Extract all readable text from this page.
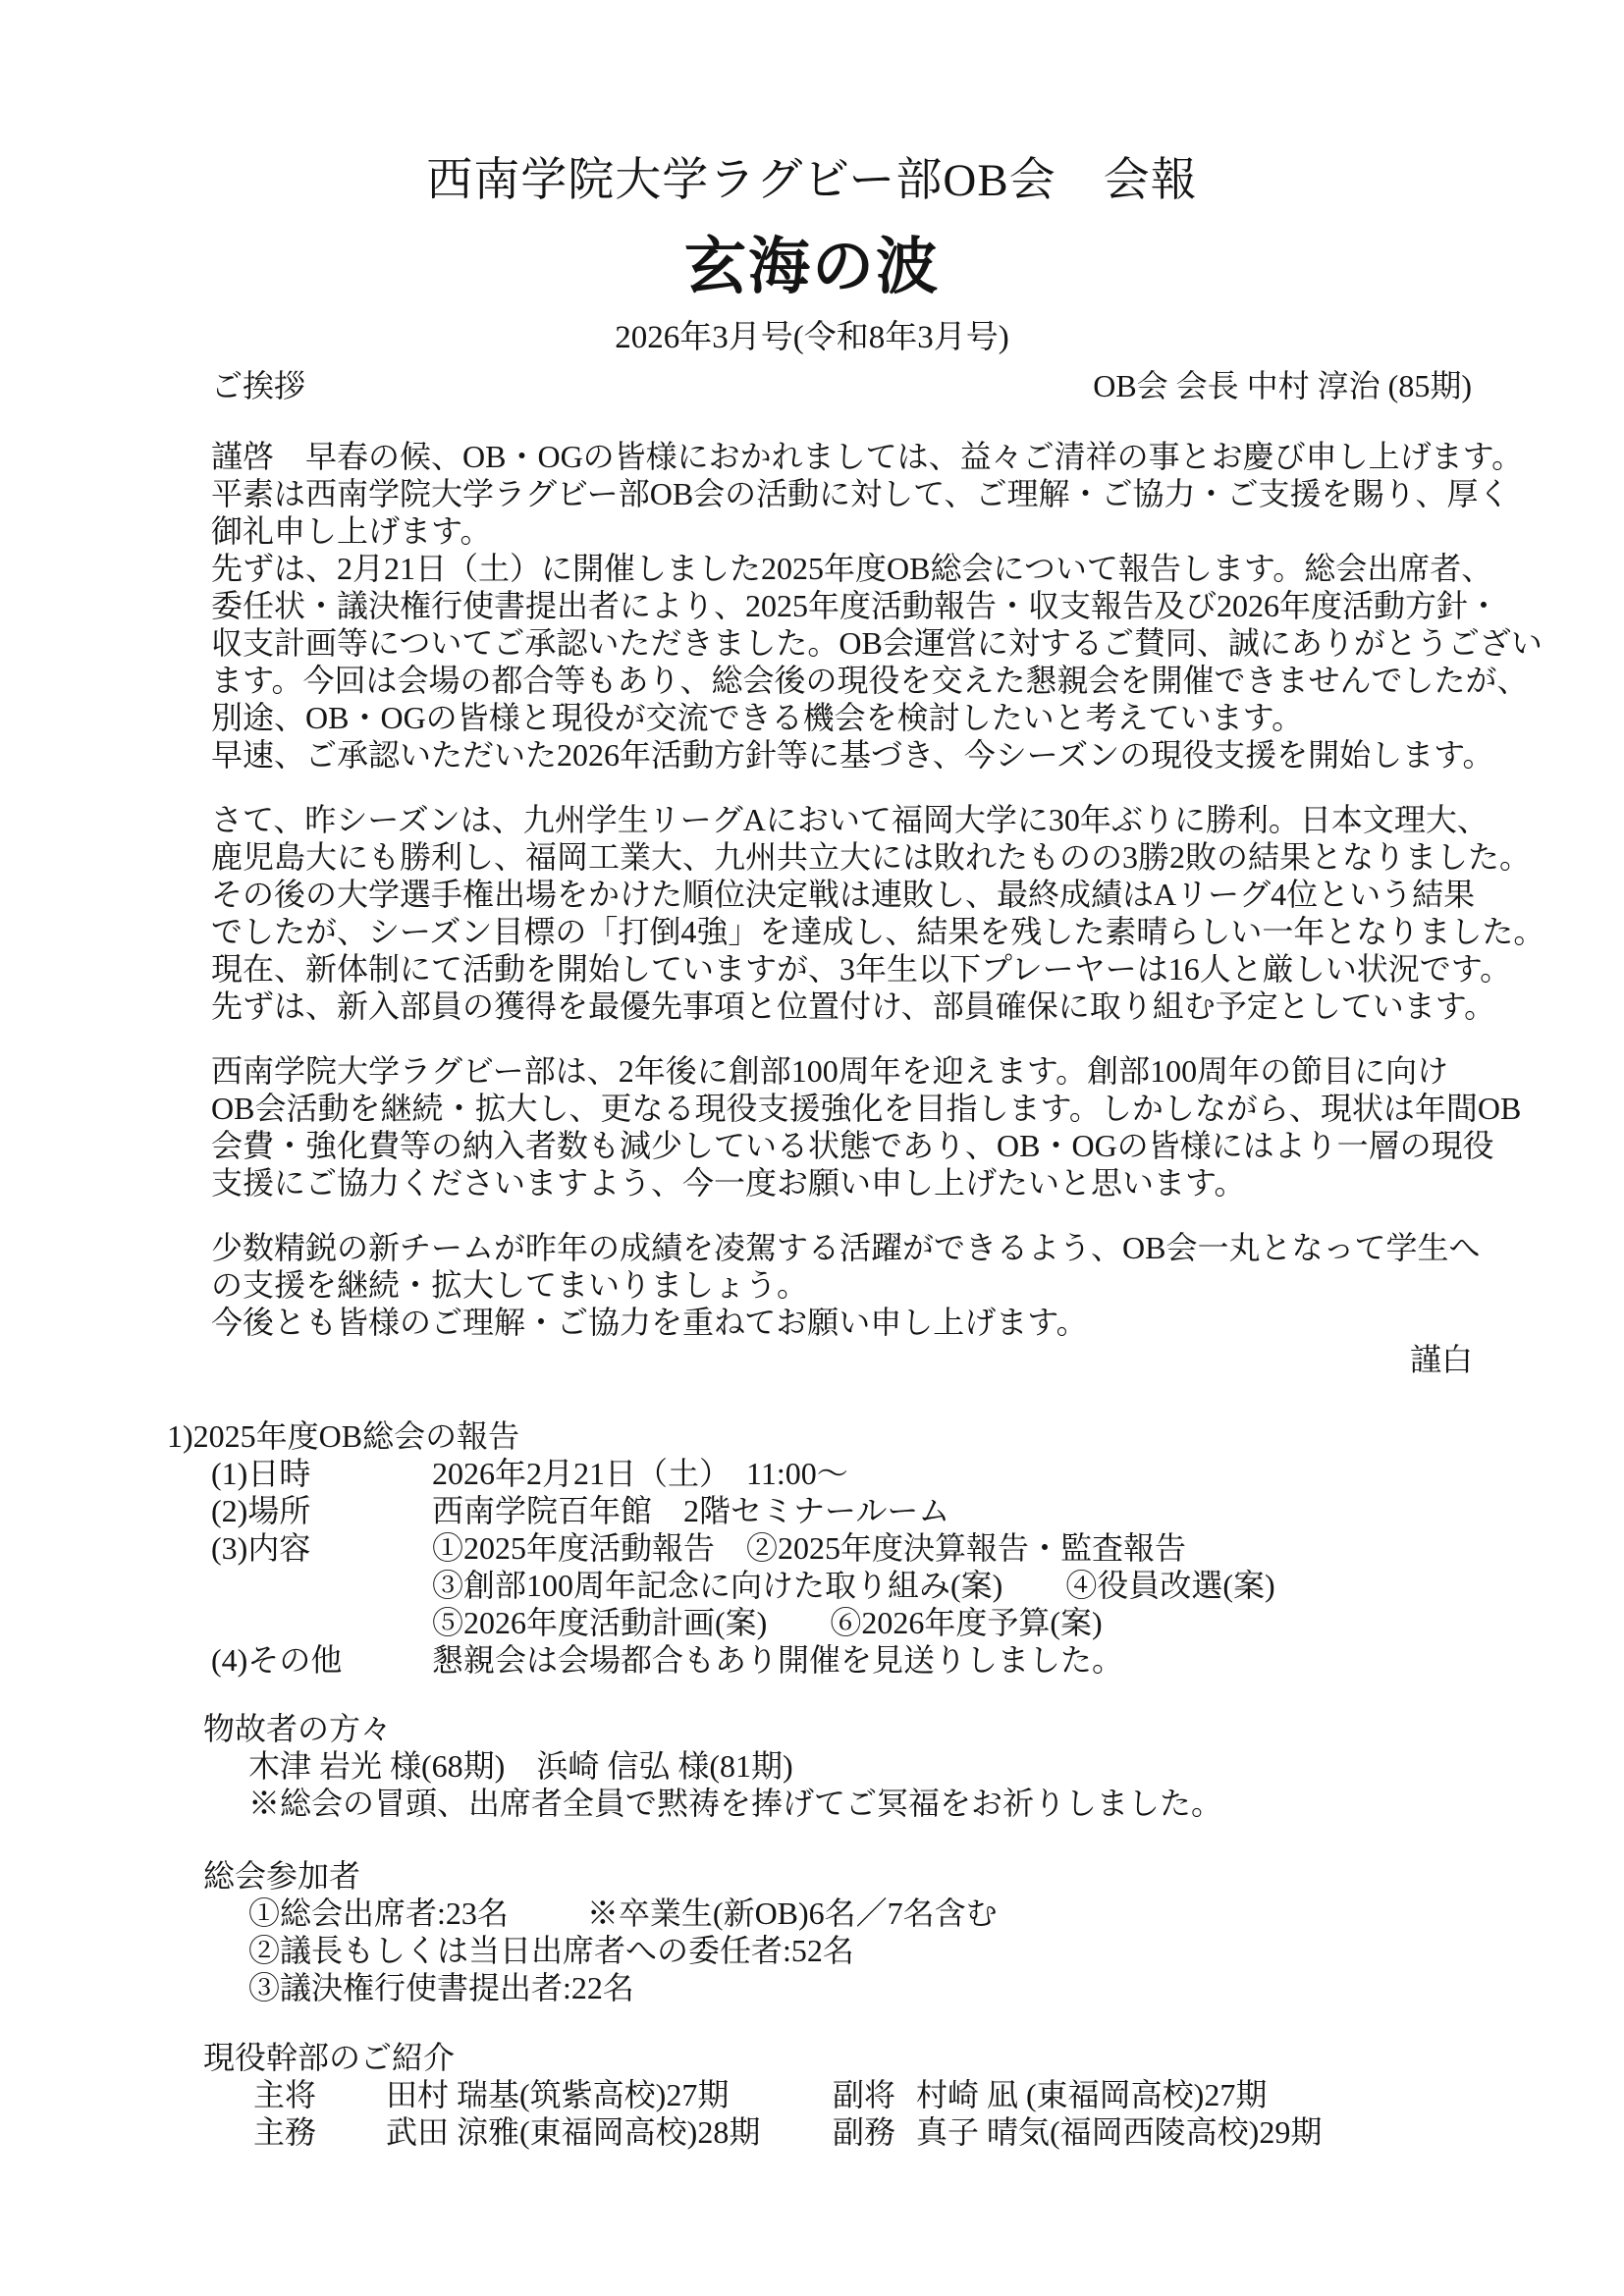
西南学院大学ラグビー部OB会　会報
玄海の波
2026年3月号(令和8年3月号)
ご挨拶	OB会 会長 中村 淳治 (85期)
謹啓　早春の候、OB・OGの皆様におかれましては、益々ご清祥の事とお慶び申し上げます。
平素は西南学院大学ラグビー部OB会の活動に対して、ご理解・ご協力・ご支援を賜り、厚く
御礼申し上げます。
先ずは、2月21日（土）に開催しました2025年度OB総会について報告します。総会出席者、
委任状・議決権行使書提出者により、2025年度活動報告・収支報告及び2026年度活動方針・
収支計画等についてご承認いただきました。OB会運営に対するご賛同、誠にありがとうござい
ます。今回は会場の都合等もあり、総会後の現役を交えた懇親会を開催できませんでしたが、
別途、OB・OGの皆様と現役が交流できる機会を検討したいと考えています。
早速、ご承認いただいた2026年活動方針等に基づき、今シーズンの現役支援を開始します。
さて、昨シーズンは、九州学生リーグAにおいて福岡大学に30年ぶりに勝利。日本文理大、
鹿児島大にも勝利し、福岡工業大、九州共立大には敗れたものの3勝2敗の結果となりました。
その後の大学選手権出場をかけた順位決定戦は連敗し、最終成績はAリーグ4位という結果
でしたが、シーズン目標の「打倒4強」を達成し、結果を残した素晴らしい一年となりました。
現在、新体制にて活動を開始していますが、3年生以下プレーヤーは16人と厳しい状況です。
先ずは、新入部員の獲得を最優先事項と位置付け、部員確保に取り組む予定としています。
西南学院大学ラグビー部は、2年後に創部100周年を迎えます。創部100周年の節目に向け
OB会活動を継続・拡大し、更なる現役支援強化を目指します。しかしながら、現状は年間OB
会費・強化費等の納入者数も減少している状態であり、OB・OGの皆様にはより一層の現役
支援にご協力くださいますよう、今一度お願い申し上げたいと思います。
少数精鋭の新チームが昨年の成績を凌駕する活躍ができるよう、OB会一丸となって学生へ
の支援を継続・拡大してまいりましょう。
今後とも皆様のご理解・ご協力を重ねてお願い申し上げます。
謹白
1)2025年度OB総会の報告
(1)日時	2026年2月21日（土）　11:00～
(2)場所	西南学院百年館　2階セミナールーム
(3)内容	①2025年度活動報告　②2025年度決算報告・監査報告
③創部100周年記念に向けた取り組み(案)　　④役員改選(案)
⑤2026年度活動計画(案)　　⑥2026年度予算(案)
(4)その他	懇親会は会場都合もあり開催を見送りしました。
物故者の方々
木津 岩光 様(68期)　浜崎 信弘 様(81期)
※総会の冒頭、出席者全員で黙祷を捧げてご冥福をお祈りしました。
総会参加者
①総会出席者:23名	※卒業生(新OB)6名／7名含む
②議長もしくは当日出席者への委任者:52名
③議決権行使書提出者:22名
現役幹部のご紹介
主将	田村 瑞基(筑紫高校)27期	副将 村崎 凪 (東福岡高校)27期
主務	武田 涼雅(東福岡高校)28期	副務 真子 晴気(福岡西陵高校)29期
